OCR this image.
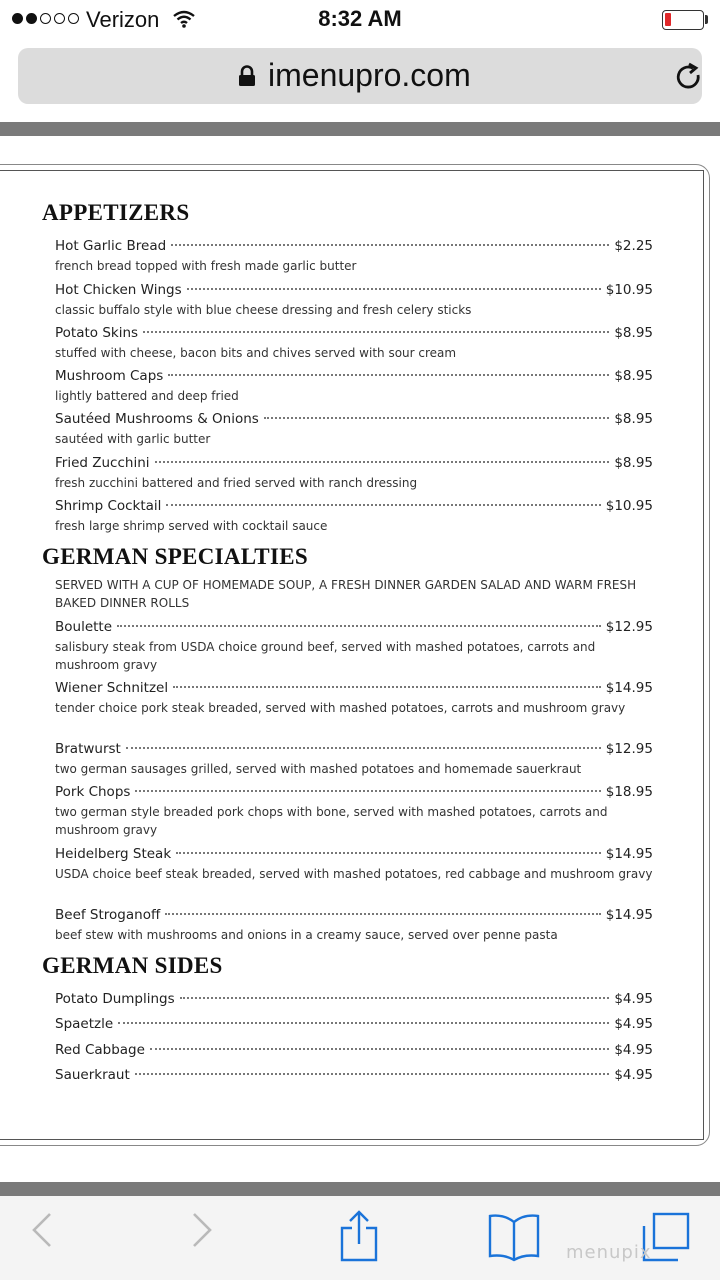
Verizon	8:32 AM
imenupro.com
APPETIZERS
Hot Garlic Bread	$2.25
french bread topped with fresh made garlic butter
Hot Chicken Wings	$10.95
classic buffalo style with blue cheese dressing and fresh celery sticks
Potato Skins	$8.95
stuffed with cheese, bacon bits and chives served with sour cream
Mushroom Caps	$8.95
lightly battered and deep fried
Sautéed Mushrooms & Onions	$8.95
sautéed with garlic butter
Fried Zucchini	$8.95
fresh zucchini battered and fried served with ranch dressing
Shrimp Cocktail	$10.95
fresh large shrimp served with cocktail sauce
GERMAN SPECIALTIES
SERVED WITH A CUP OF HOMEMADE SOUP, A FRESH DINNER GARDEN SALAD AND WARM FRESH BAKED DINNER ROLLS
Boulette	$12.95
salisbury steak from USDA choice ground beef, served with mashed potatoes, carrots and mushroom gravy
Wiener Schnitzel	$14.95
tender choice pork steak breaded, served with mashed potatoes, carrots and mushroom gravy
Bratwurst	$12.95
two german sausages grilled, served with mashed potatoes and homemade sauerkraut
Pork Chops	$18.95
two german style breaded pork chops with bone, served with mashed potatoes, carrots and mushroom gravy
Heidelberg Steak	$14.95
USDA choice beef steak breaded, served with mashed potatoes, red cabbage and mushroom gravy
Beef Stroganoff	$14.95
beef stew with mushrooms and onions in a creamy sauce, served over penne pasta
GERMAN SIDES
Potato Dumplings	$4.95
Spaetzle	$4.95
Red Cabbage	$4.95
Sauerkraut	$4.95
menupix
